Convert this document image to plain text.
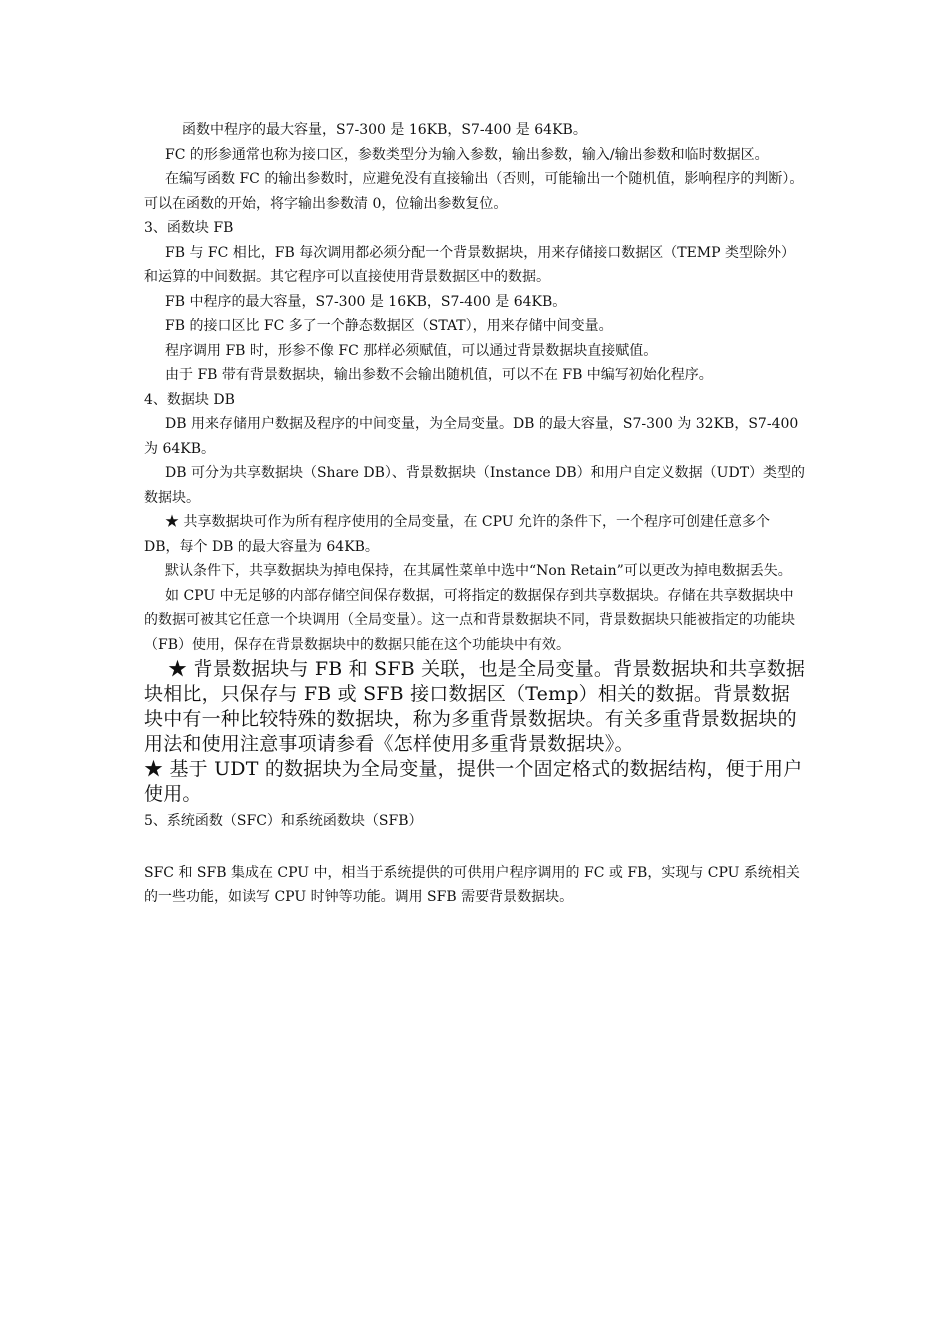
函数中程序的最大容量，S7-300 是 16KB，S7-400 是 64KB。

FC 的形参通常也称为接口区，参数类型分为输入参数，输出参数，输入/输出参数和临时数据区。

在编写函数 FC 的输出参数时，应避免没有直接输出（否则，可能输出一个随机值，影响程序的判断）。可以在函数的开始，将字输出参数清 0，位输出参数复位。

3、函数块 FB

FB 与 FC 相比，FB 每次调用都必须分配一个背景数据块，用来存储接口数据区（TEMP 类型除外）和运算的中间数据。其它程序可以直接使用背景数据区中的数据。

FB 中程序的最大容量，S7-300 是 16KB，S7-400 是 64KB。

FB 的接口区比 FC 多了一个静态数据区（STAT），用来存储中间变量。

程序调用 FB 时，形参不像 FC 那样必须赋值，可以通过背景数据块直接赋值。

由于 FB 带有背景数据块，输出参数不会输出随机值，可以不在 FB 中编写初始化程序。

4、数据块 DB

DB 用来存储用户数据及程序的中间变量，为全局变量。DB 的最大容量，S7-300 为 32KB，S7-400 为 64KB。

DB 可分为共享数据块（Share DB）、背景数据块（Instance DB）和用户自定义数据（UDT）类型的数据块。

★ 共享数据块可作为所有程序使用的全局变量，在 CPU 允许的条件下，一个程序可创建任意多个 DB，每个 DB 的最大容量为 64KB。

默认条件下，共享数据块为掉电保持，在其属性菜单中选中“Non Retain”可以更改为掉电数据丢失。

如 CPU 中无足够的内部存储空间保存数据，可将指定的数据保存到共享数据块。存储在共享数据块中的数据可被其它任意一个块调用（全局变量）。这一点和背景数据块不同，背景数据块只能被指定的功能块（FB）使用，保存在背景数据块中的数据只能在这个功能块中有效。

★ 背景数据块与 FB 和 SFB 关联，也是全局变量。背景数据块和共享数据块相比，只保存与 FB 或 SFB 接口数据区（Temp）相关的数据。背景数据块中有一种比较特殊的数据块，称为多重背景数据块。有关多重背景数据块的用法和使用注意事项请参看《怎样使用多重背景数据块》。

★ 基于 UDT 的数据块为全局变量，提供一个固定格式的数据结构，便于用户使用。

5、系统函数（SFC）和系统函数块（SFB）

SFC 和 SFB 集成在 CPU 中，相当于系统提供的可供用户程序调用的 FC 或 FB，实现与 CPU 系统相关的一些功能，如读写 CPU 时钟等功能。调用 SFB 需要背景数据块。
